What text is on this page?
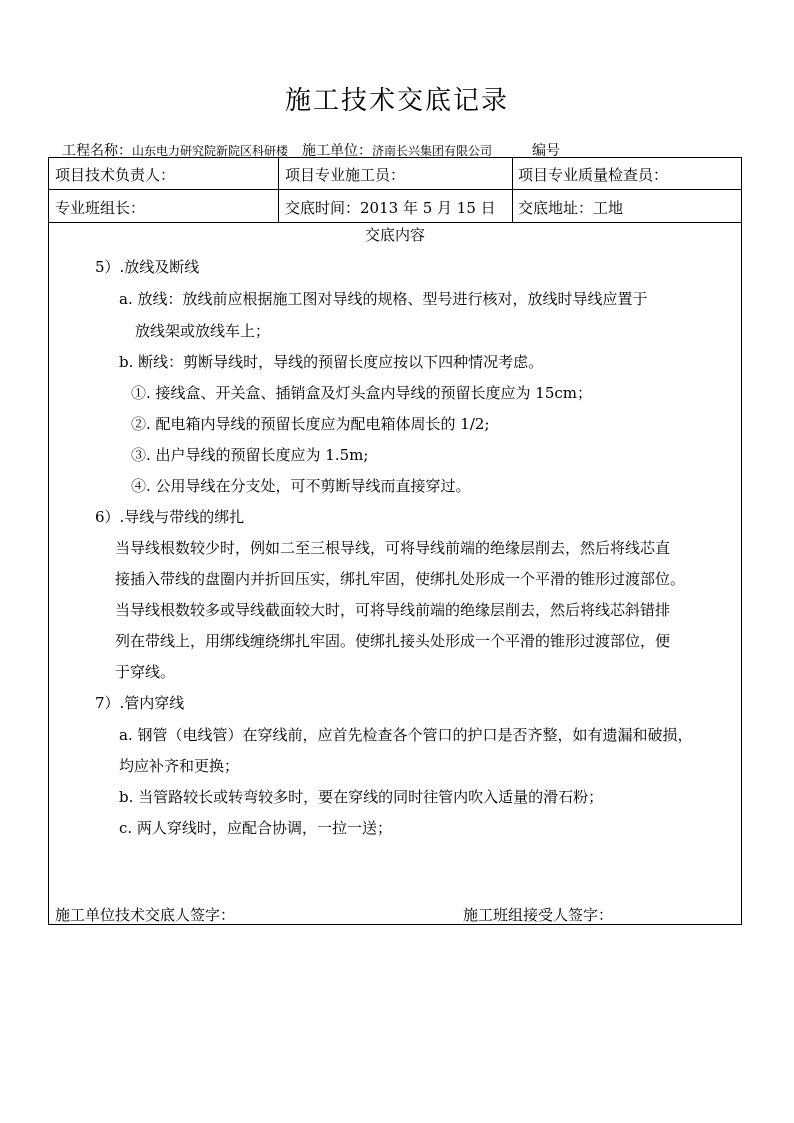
施工技术交底记录
工程名称：山东电力研究院新院区科研楼 施工单位：济南长兴集团有限公司	编号
项目技术负责人：	项目专业施工员：	项目专业质量检查员：
专业班组长：	交底时间：2013 年 5 月 15 日 交底地址：工地
交底内容
5）.放线及断线
a. 放线：放线前应根据施工图对导线的规格、型号进行核对，放线时导线应置于
放线架或放线车上；
b. 断线：剪断导线时，导线的预留长度应按以下四种情况考虑。
①. 接线盒、开关盒、插销盒及灯头盒内导线的预留长度应为 15cm；
②. 配电箱内导线的预留长度应为配电箱体周长的 1/2;
③. 出户导线的预留长度应为 1.5m;
④. 公用导线在分支处，可不剪断导线而直接穿过。
6）.导线与带线的绑扎
当导线根数较少时，例如二至三根导线，可将导线前端的绝缘层削去，然后将线芯直
接插入带线的盘圈内并折回压实，绑扎牢固，使绑扎处形成一个平滑的锥形过渡部位。
当导线根数较多或导线截面较大时，可将导线前端的绝缘层削去，然后将线芯斜错排
列在带线上，用绑线缠绕绑扎牢固。使绑扎接头处形成一个平滑的锥形过渡部位，便
于穿线。
7）.管内穿线
a. 钢管（电线管）在穿线前，应首先检查各个管口的护口是否齐整，如有遗漏和破损，
均应补齐和更换；
b. 当管路较长或转弯较多时，要在穿线的同时往管内吹入适量的滑石粉；
c. 两人穿线时，应配合协调，一拉一送；
施工单位技术交底人签字：	施工班组接受人签字：
